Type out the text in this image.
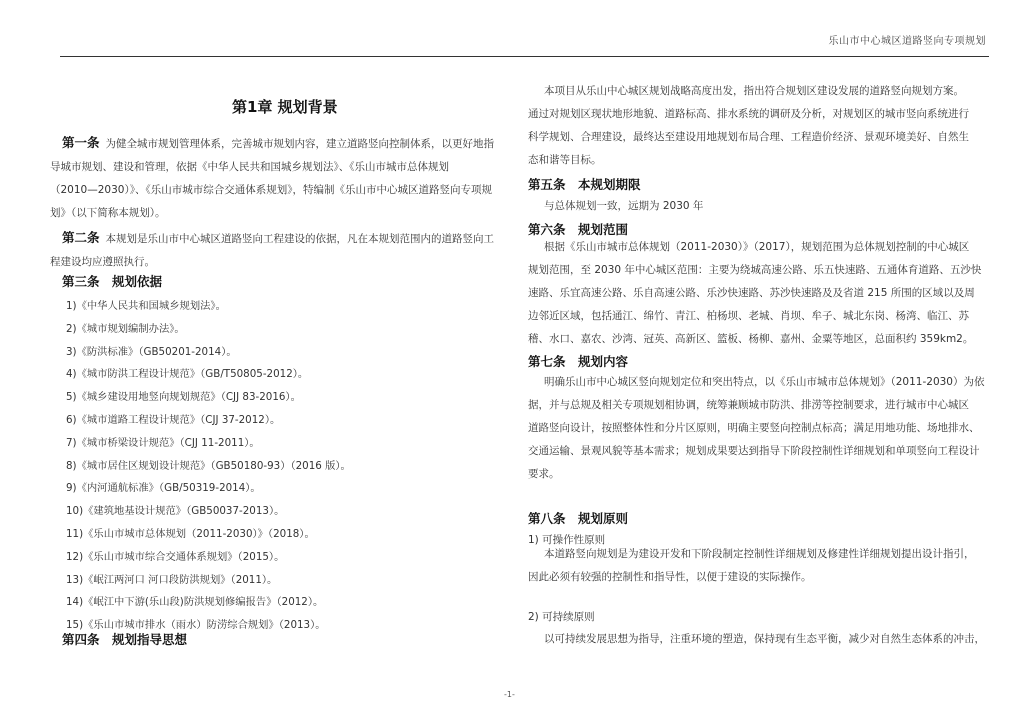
乐山市中心城区道路竖向专项规划
第1章 规划背景
第一条 为健全城市规划管理体系，完善城市规划内容，建立道路竖向控制体系，以更好地指
导城市规划、建设和管理，依据《中华人民共和国城乡规划法》、《乐山市城市总体规划
（2010—2030）》、《乐山市城市综合交通体系规划》，特编制《乐山市中心城区道路竖向专项规
划》（以下简称本规划）。
第二条 本规划是乐山市中心城区道路竖向工程建设的依据，凡在本规划范围内的道路竖向工
程建设均应遵照执行。
第三条　规划依据
1)《中华人民共和国城乡规划法》。
2)《城市规划编制办法》。
3)《防洪标准》（GB50201-2014）。
4)《城市防洪工程设计规范》（GB/T50805-2012）。
5)《城乡建设用地竖向规划规范》（CJJ 83-2016）。
6)《城市道路工程设计规范》（CJJ 37-2012）。
7)《城市桥梁设计规范》（CJJ 11-2011）。
8)《城市居住区规划设计规范》（GB50180-93）（2016 版）。
9)《内河通航标准》（GB/50319-2014）。
10)《建筑地基设计规范》（GB50037-2013）。
11)《乐山市城市总体规划（2011-2030）》（2018）。
12)《乐山市城市综合交通体系规划》（2015）。
13)《岷江两河口 河口段防洪规划》（2011）。
14)《岷江中下游(乐山段)防洪规划修编报告》（2012）。
15)《乐山市城市排水（雨水）防涝综合规划》（2013）。
第四条　规划指导思想
本项目从乐山中心城区规划战略高度出发，指出符合规划区建设发展的道路竖向规划方案。
通过对规划区现状地形地貌、道路标高、排水系统的调研及分析，对规划区的城市竖向系统进行
科学规划、合理建设，最终达至建设用地规划布局合理、工程造价经济、景观环境美好、自然生
态和谐等目标。
第五条　本规划期限
与总体规划一致，远期为 2030 年
第六条　规划范围
根据《乐山市城市总体规划（2011-2030）》（2017），规划范围为总体规划控制的中心城区
规划范围，至 2030 年中心城区范围：主要为绕城高速公路、乐五快速路、五通体育道路、五沙快
速路、乐宜高速公路、乐自高速公路、乐沙快速路、苏沙快速路及及省道 215 所围的区域以及周
边邻近区域，包括通江、绵竹、青江、柏杨坝、老城、肖坝、牟子、城北东岗、杨湾、临江、苏
稽、水口、嘉农、沙湾、冠英、高新区、篮板、杨柳、嘉州、金粟等地区，总面积约 359km2。
第七条　规划内容
明确乐山市中心城区竖向规划定位和突出特点，以《乐山市城市总体规划》（2011-2030）为依
据，并与总规及相关专项规划相协调，统筹兼顾城市防洪、排涝等控制要求，进行城市中心城区
道路竖向设计，按照整体性和分片区原则，明确主要竖向控制点标高；满足用地功能、场地排水、
交通运输、景观风貌等基本需求；规划成果要达到指导下阶段控制性详细规划和单项竖向工程设计
要求。
第八条　规划原则
1) 可操作性原则
本道路竖向规划是为建设开发和下阶段制定控制性详细规划及修建性详细规划提出设计指引，
因此必须有较强的控制性和指导性，以便于建设的实际操作。
2) 可持续原则
以可持续发展思想为指导，注重环境的塑造，保持现有生态平衡，减少对自然生态体系的冲击，
-1-
